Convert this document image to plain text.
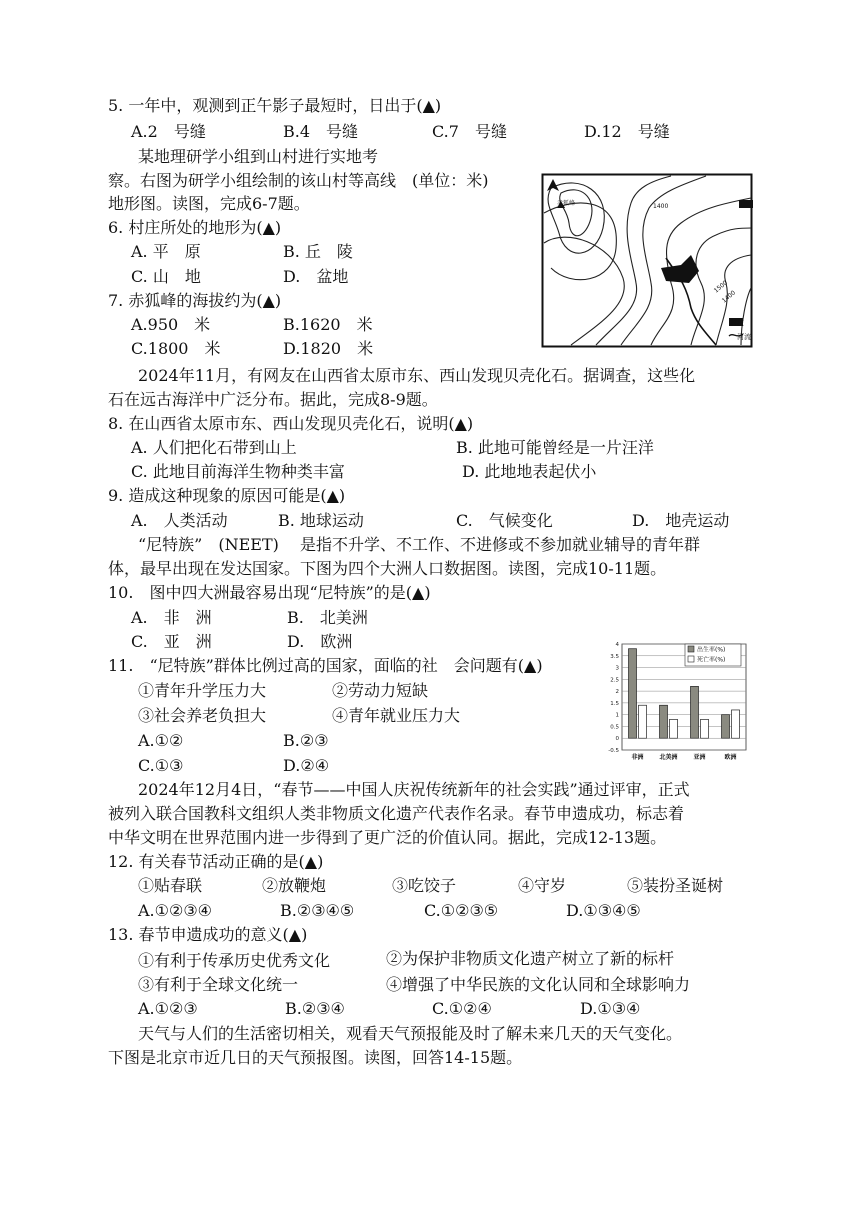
5. 一年中，观测到正午影子最短时，日出于(▲)
A.2　号缝	B.4　号缝	C.7　号缝	D.12　号缝
某地理研学小组到山村进行实地考
察。右图为研学小组绘制的该山村等高线　(单位：米)
地形图。读图，完成6-7题。
6. 村庄所处的地形为(▲)
A. 平　原	B. 丘　陵
C. 山　地	D.　盆地
7. 赤狐峰的海拔约为(▲)
A.950　米	B.1620　米
C.1800　米	D.1820　米
赤狐峰	1400
1500
1400
村庄
河流
2024年11月，有网友在山西省太原市东、西山发现贝壳化石。据调查，这些化
石在远古海洋中广泛分布。据此，完成8-9题。
8. 在山西省太原市东、西山发现贝壳化石，说明(▲)
A. 人们把化石带到山上	B. 此地可能曾经是一片汪洋
C. 此地目前海洋生物种类丰富	D. 此地地表起伏小
9. 造成这种现象的原因可能是(▲)
A.　人类活动	B. 地球运动	C.　气候变化	D.　地壳运动
“尼特族”　(NEET)　 是指不升学、不工作、不进修或不参加就业辅导的青年群
体，最早出现在发达国家。下图为四个大洲人口数据图。读图，完成10-11题。
10.　图中四大洲最容易出现“尼特族”的是(▲)
A.　非　洲	B.　北美洲
C.　亚　洲	D.　欧洲
11.　“尼特族”群体比例过高的国家，面临的社　会问题有(▲)
①青年升学压力大	②劳动力短缺
③社会养老负担大	④青年就业压力大
A.①②	B.②③
C.①③	D.②④
-0.5
0
0.5
1
1.5
2
2.5
3
3.5
4
非洲	北美洲	亚洲	欧洲
出生率(%)
死亡率(%)
2024年12月4日，“春节——中国人庆祝传统新年的社会实践”通过评审，正式
被列入联合国教科文组织人类非物质文化遗产代表作名录。春节申遗成功，标志着
中华文明在世界范围内进一步得到了更广泛的价值认同。据此，完成12-13题。
12. 有关春节活动正确的是(▲)
①贴春联	②放鞭炮	③吃饺子	④守岁	⑤装扮圣诞树
A.①②③④	B.②③④⑤	C.①②③⑤	D.①③④⑤
13. 春节申遗成功的意义(▲)
①有利于传承历史优秀文化	②为保护非物质文化遗产树立了新的标杆
③有利于全球文化统一	④增强了中华民族的文化认同和全球影响力
A.①②③	B.②③④	C.①②④	D.①③④
天气与人们的生活密切相关，观看天气预报能及时了解未来几天的天气变化。
下图是北京市近几日的天气预报图。读图，回答14-15题。
